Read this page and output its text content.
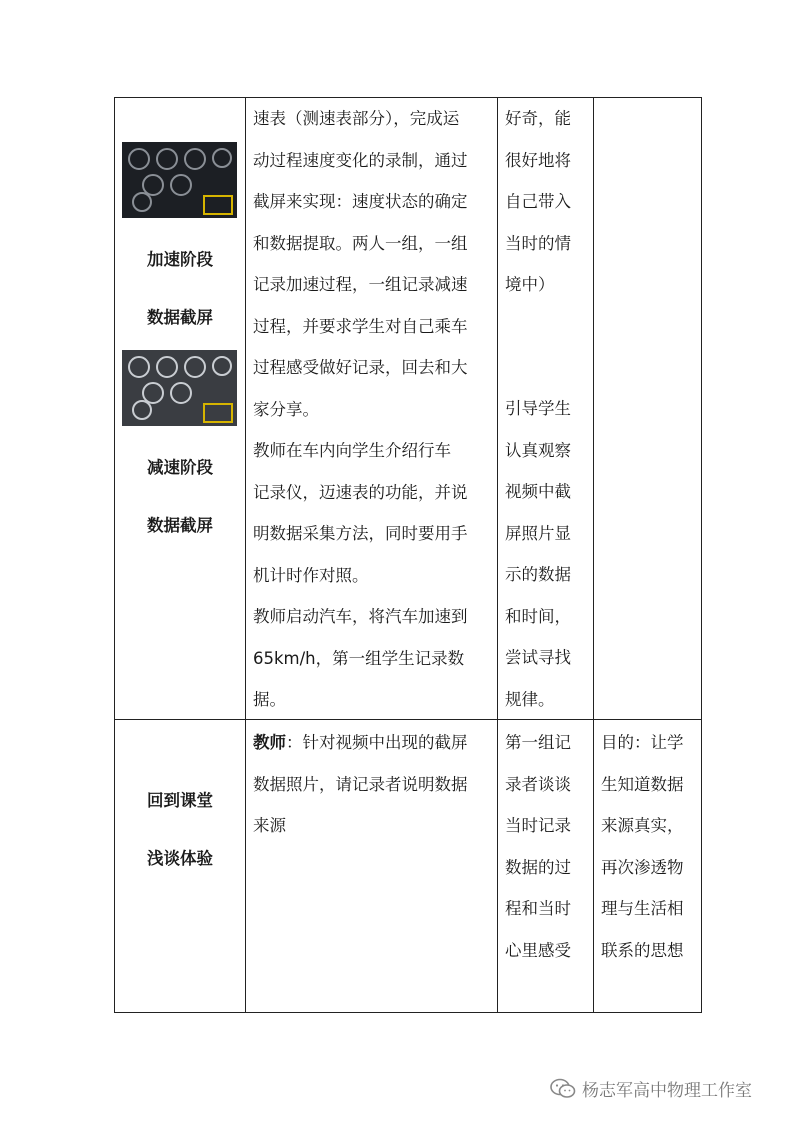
加速阶段

数据截屏

减速阶段

数据截屏

速表（测速表部分），完成运

动过程速度变化的录制，通过

截屏来实现：速度状态的确定

和数据提取。两人一组，一组

记录加速过程，一组记录减速

过程，并要求学生对自己乘车

过程感受做好记录，回去和大

家分享。

教师在车内向学生介绍行车

记录仪，迈速表的功能，并说

明数据采集方法，同时要用手

机计时作对照。

教师启动汽车，将汽车加速到

65km/h，第一组学生记录数

据。

好奇，能

很好地将

自己带入

当时的情

境中）

引导学生

认真观察

视频中截

屏照片显

示的数据

和时间，

尝试寻找

规律。

回到课堂

浅谈体验

教师：针对视频中出现的截屏

数据照片，请记录者说明数据

来源

第一组记

录者谈谈

当时记录

数据的过

程和当时

心里感受

目的：让学

生知道数据

来源真实，

再次渗透物

理与生活相

联系的思想

杨志军高中物理工作室
